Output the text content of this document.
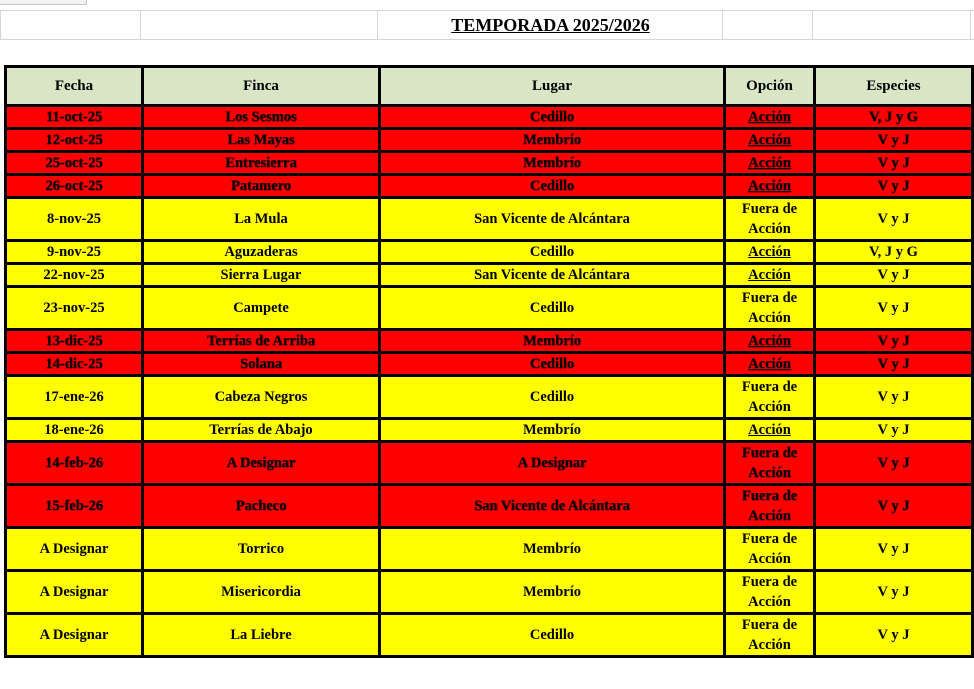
TEMPORADA 2025/2026
Fecha	Finca	Lugar	Opción	Especies
11-oct-25	Los Sesmos	Cedillo	Acción	V, J y G
12-oct-25	Las Mayas	Membrío	Acción	V y J
25-oct-25	Entresierra	Membrío	Acción	V y J
26-oct-25	Patamero	Cedillo	Acción	V y J
8-nov-25	La Mula	San Vicente de Alcántara	Fuera de Acción	V y J
9-nov-25	Aguzaderas	Cedillo	Acción	V, J y G
22-nov-25	Sierra Lugar	San Vicente de Alcántara	Acción	V y J
23-nov-25	Campete	Cedillo	Fuera de Acción	V y J
13-dic-25	Terrías de Arriba	Membrío	Acción	V y J
14-dic-25	Solana	Cedillo	Acción	V y J
17-ene-26	Cabeza Negros	Cedillo	Fuera de Acción	V y J
18-ene-26	Terrías de Abajo	Membrío	Acción	V y J
14-feb-26	A Designar	A Designar	Fuera de Acción	V y J
15-feb-26	Pacheco	San Vicente de Alcántara	Fuera de Acción	V y J
A Designar	Torrico	Membrío	Fuera de Acción	V y J
A Designar	Misericordia	Membrío	Fuera de Acción	V y J
A Designar	La Liebre	Cedillo	Fuera de Acción	V y J
